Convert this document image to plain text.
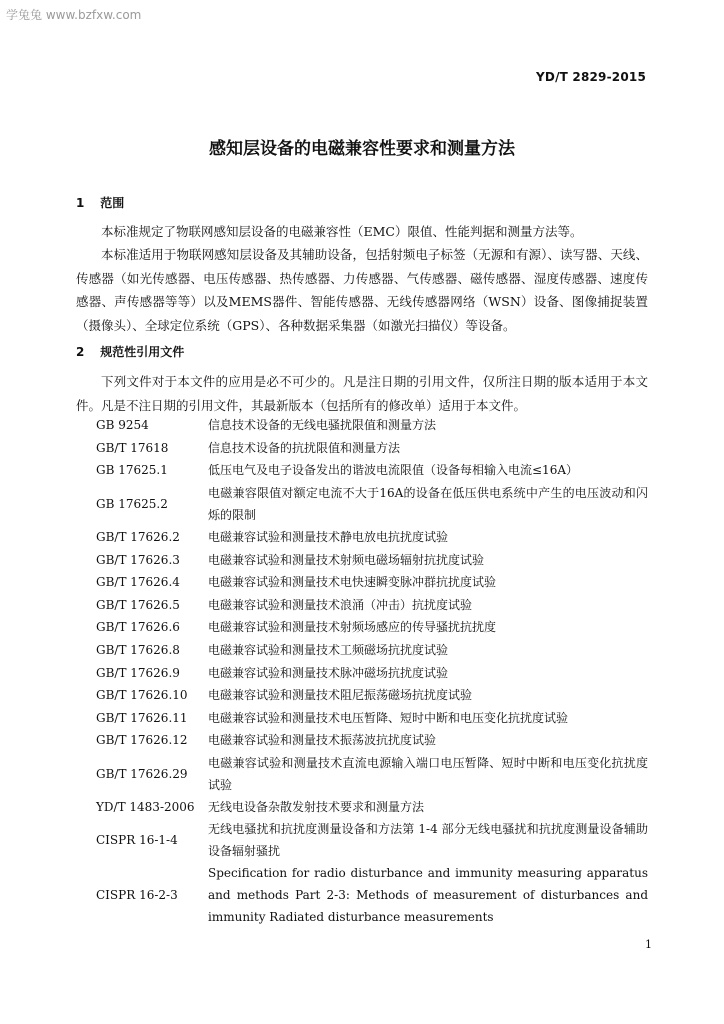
学兔兔 www.bzfxw.com
YD/T 2829-2015
感知层设备的电磁兼容性要求和测量方法
1 范围

本标准规定了物联网感知层设备的电磁兼容性（EMC）限值、性能判据和测量方法等。

本标准适用于物联网感知层设备及其辅助设备，包括射频电子标签（无源和有源）、读写器、天线、传感器（如光传感器、电压传感器、热传感器、力传感器、气传感器、磁传感器、湿度传感器、速度传感器、声传感器等等）以及MEMS器件、智能传感器、无线传感器网络（WSN）设备、图像捕捉装置（摄像头）、全球定位系统（GPS）、各种数据采集器（如激光扫描仪）等设备。

2 规范性引用文件

下列文件对于本文件的应用是必不可少的。凡是注日期的引用文件，仅所注日期的版本适用于本文件。凡是不注日期的引用文件，其最新版本（包括所有的修改单）适用于本文件。

GB 9254	信息技术设备的无线电骚扰限值和测量方法
GB/T 17618	信息技术设备的抗扰限值和测量方法
GB 17625.1	低压电气及电子设备发出的谐波电流限值（设备每相输入电流≤16A）
GB 17625.2	电磁兼容限值对额定电流不大于16A的设备在低压供电系统中产生的电压波动和闪烁的限制
GB/T 17626.2	电磁兼容试验和测量技术静电放电抗扰度试验
GB/T 17626.3	电磁兼容试验和测量技术射频电磁场辐射抗扰度试验
GB/T 17626.4	电磁兼容试验和测量技术电快速瞬变脉冲群抗扰度试验
GB/T 17626.5	电磁兼容试验和测量技术浪涌（冲击）抗扰度试验
GB/T 17626.6	电磁兼容试验和测量技术射频场感应的传导骚扰抗扰度
GB/T 17626.8	电磁兼容试验和测量技术工频磁场抗扰度试验
GB/T 17626.9	电磁兼容试验和测量技术脉冲磁场抗扰度试验
GB/T 17626.10	电磁兼容试验和测量技术阻尼振荡磁场抗扰度试验
GB/T 17626.11	电磁兼容试验和测量技术电压暂降、短时中断和电压变化抗扰度试验
GB/T 17626.12	电磁兼容试验和测量技术振荡波抗扰度试验
GB/T 17626.29	电磁兼容试验和测量技术直流电源输入端口电压暂降、短时中断和电压变化抗扰度试验
YD/T 1483-2006	无线电设备杂散发射技术要求和测量方法
CISPR 16-1-4	无线电骚扰和抗扰度测量设备和方法第 1-4 部分无线电骚扰和抗扰度测量设备辅助设备辐射骚扰
CISPR 16-2-3	Specification for radio disturbance and immunity measuring apparatus and methods Part 2-3: Methods of measurement of disturbances and immunity Radiated disturbance measurements
1
